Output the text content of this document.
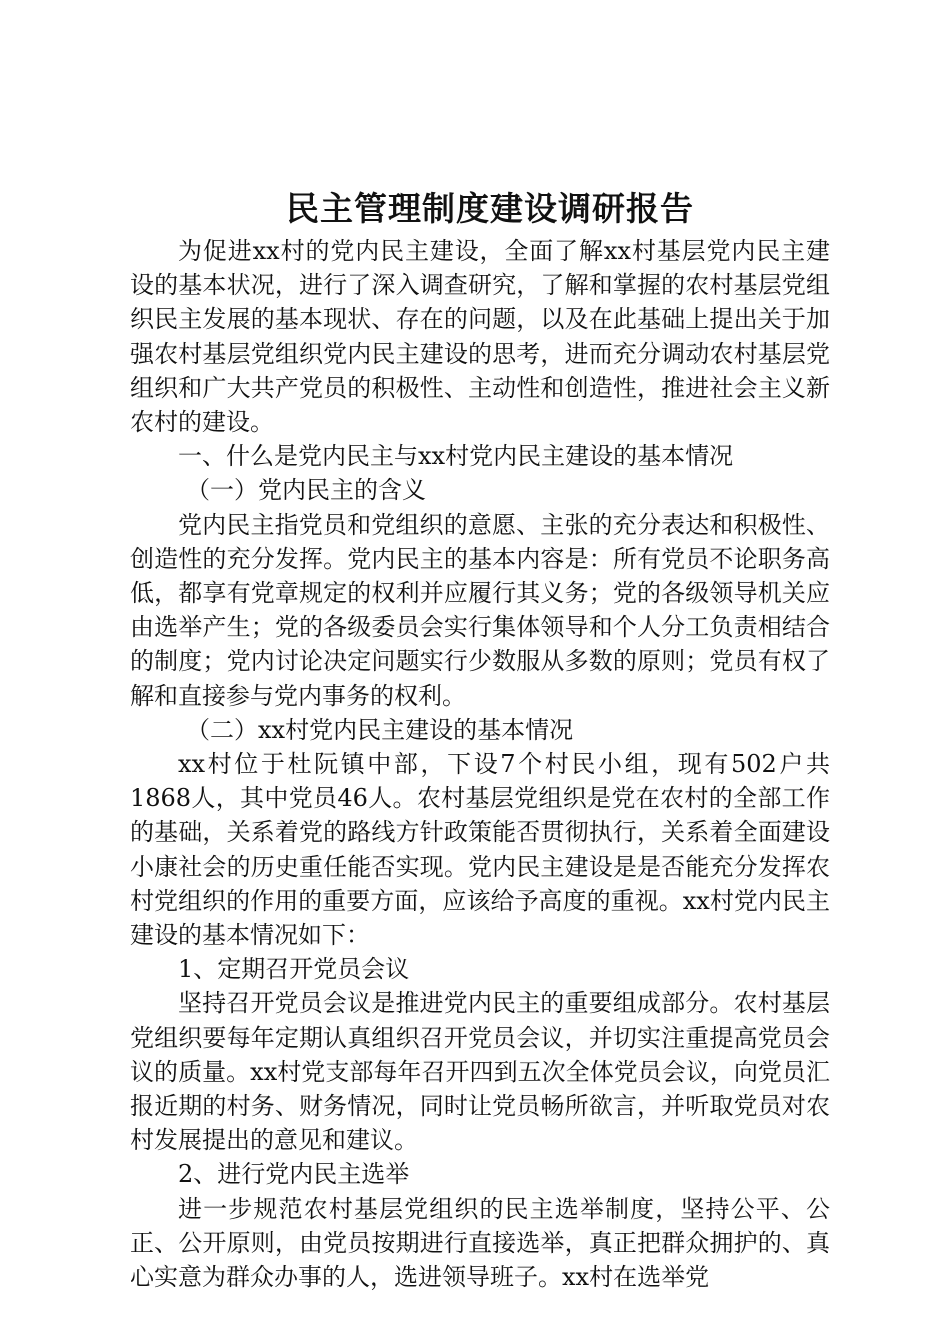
民主管理制度建设调研报告

为促进xx村的党内民主建设，全面了解xx村基层党内民主建设的基本状况，进行了深入调查研究，了解和掌握的农村基层党组织民主发展的基本现状、存在的问题，以及在此基础上提出关于加强农村基层党组织党内民主建设的思考，进而充分调动农村基层党组织和广大共产党员的积极性、主动性和创造性，推进社会主义新农村的建设。

一、什么是党内民主与xx村党内民主建设的基本情况

（一）党内民主的含义

党内民主指党员和党组织的意愿、主张的充分表达和积极性、创造性的充分发挥。党内民主的基本内容是：所有党员不论职务高低，都享有党章规定的权利并应履行其义务；党的各级领导机关应由选举产生；党的各级委员会实行集体领导和个人分工负责相结合的制度；党内讨论决定问题实行少数服从多数的原则；党员有权了解和直接参与党内事务的权利。

（二）xx村党内民主建设的基本情况

xx村位于杜阮镇中部，下设7个村民小组，现有502户共1868人，其中党员46人。农村基层党组织是党在农村的全部工作的基础，关系着党的路线方针政策能否贯彻执行，关系着全面建设小康社会的历史重任能否实现。党内民主建设是是否能充分发挥农村党组织的作用的重要方面，应该给予高度的重视。xx村党内民主建设的基本情况如下：

1、定期召开党员会议

坚持召开党员会议是推进党内民主的重要组成部分。农村基层党组织要每年定期认真组织召开党员会议，并切实注重提高党员会议的质量。xx村党支部每年召开四到五次全体党员会议，向党员汇报近期的村务、财务情况，同时让党员畅所欲言，并听取党员对农村发展提出的意见和建议。

2、进行党内民主选举

进一步规范农村基层党组织的民主选举制度，坚持公平、公正、公开原则，由党员按期进行直接选举，真正把群众拥护的、真心实意为群众办事的人，选进领导班子。xx村在选举党
